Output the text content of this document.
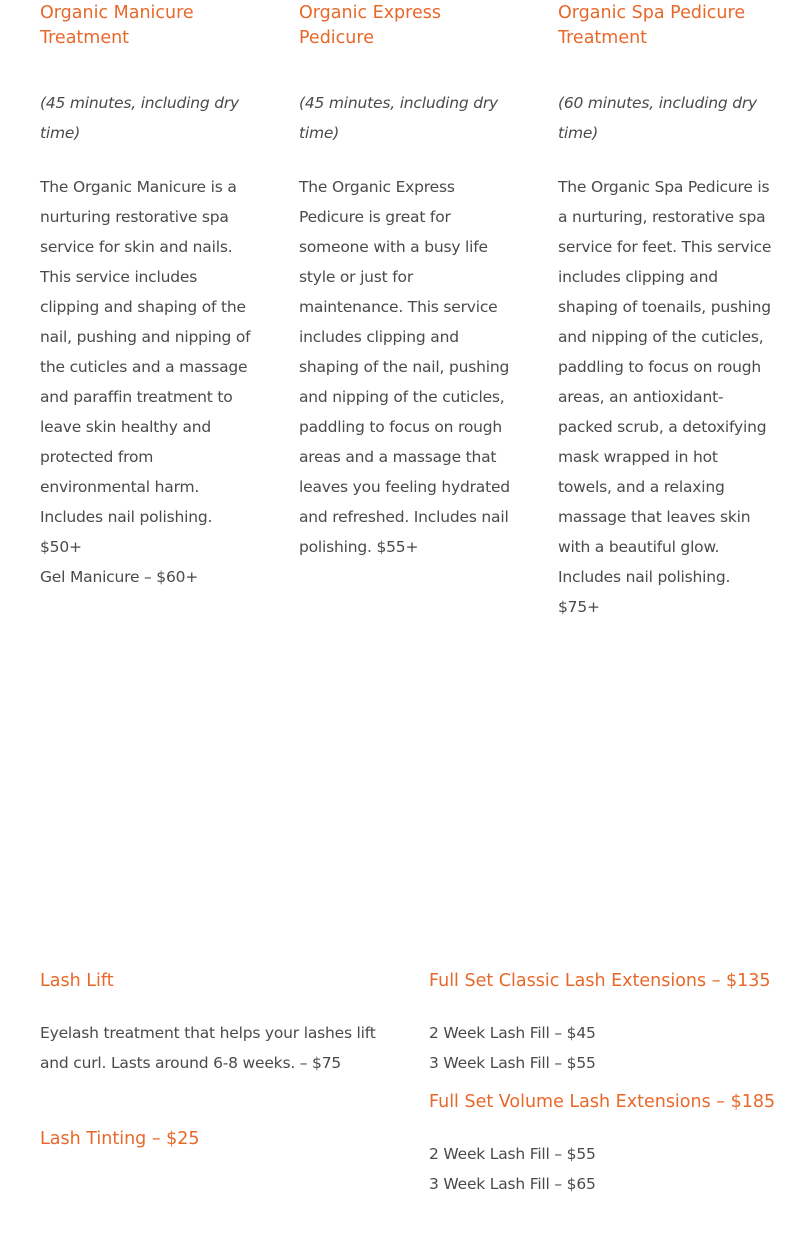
Organic Manicure Treatment

(45 minutes, including dry time)

The Organic Manicure is a nurturing restorative spa service for skin and nails. This service includes clipping and shaping of the nail, pushing and nipping of the cuticles and a massage and paraffin treatment to leave skin healthy and protected from environmental harm. Includes nail polishing. $50+
Gel Manicure – $60+

Organic Express Pedicure

(45 minutes, including dry time)

The Organic Express Pedicure is great for someone with a busy life style or just for maintenance. This service includes clipping and shaping of the nail, pushing and nipping of the cuticles, paddling to focus on rough areas and a massage that leaves you feeling hydrated and refreshed. Includes nail polishing. $55+

Organic Spa Pedicure Treatment

(60 minutes, including dry time)

The Organic Spa Pedicure is a nurturing, restorative spa service for feet. This service includes clipping and shaping of toenails, pushing and nipping of the cuticles, paddling to focus on rough areas, an antioxidant-packed scrub, a detoxifying mask wrapped in hot towels, and a relaxing massage that leaves skin with a beautiful glow. Includes nail polishing. $75+

Lash Lift

Eyelash treatment that helps your lashes lift and curl. Lasts around 6-8 weeks. – $75

Lash Tinting – $25
Full Set Classic Lash Extensions – $135
2 Week Lash Fill – $45
3 Week Lash Fill – $55
Full Set Volume Lash Extensions – $185
2 Week Lash Fill – $55
3 Week Lash Fill – $65
